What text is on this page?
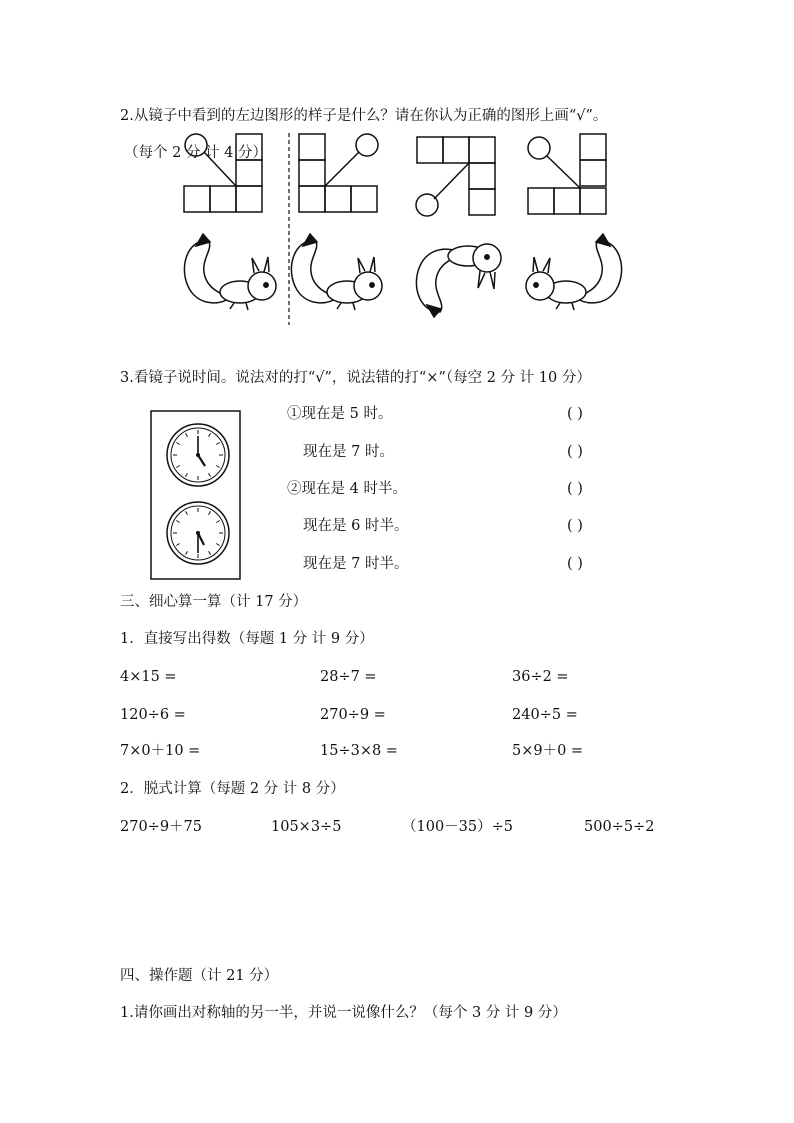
2.从镜子中看到的左边图形的样子是什么？请在你认为正确的图形上画“√”。
（每个 2 分 计 4 分）
3.看镜子说时间。说法对的打“√”，说法错的打“×”（每空 2 分 计 10 分）
①现在是 5 时。	( )
现在是 7 时。	( )
②现在是 4 时半。	( )
现在是 6 时半。	( )
现在是 7 时半。	( )
三、细心算一算（计 17 分）
1．直接写出得数（每题 1 分 计 9 分）
4×15 =	28÷7 =	36÷2 =
120÷6 =	270÷9 =	240÷5 =
7×0＋10 =	15÷3×8 =	5×9＋0 =
2．脱式计算（每题 2 分 计 8 分）
270÷9＋75	105×3÷5	（100－35）÷5	500÷5÷2
四、操作题（计 21 分）
1.请你画出对称轴的另一半，并说一说像什么？（每个 3 分 计 9 分）
